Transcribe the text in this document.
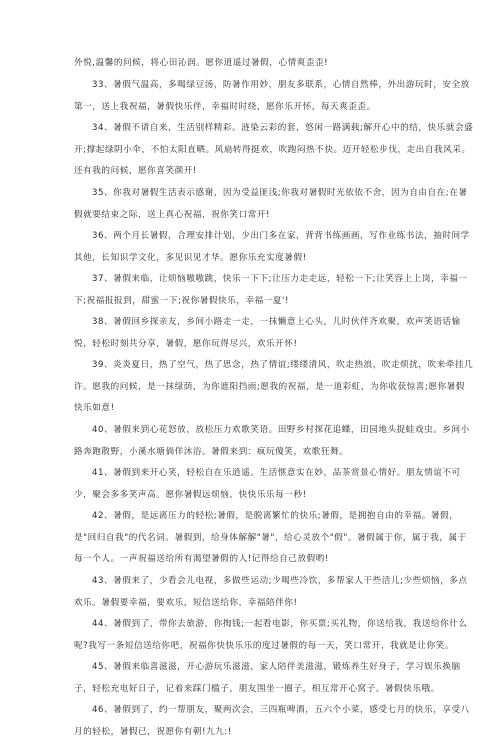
外悦,温馨的问候，将心田沁润。愿你逍遥过暑假，心情爽歪歪!

33、暑假气温高，多喝绿豆汤，防暑作用妙，朋友多联系，心情自然棒，外出游玩时，安全放第一，送上我祝福，暑假快乐伴，幸福时时绕，愿你乐开怀，每天爽歪歪。

34、暑假不请自来，生活别样精彩。涟染云彩的套，悠闲一路满载;解开心中的结，快乐就会盛开;撑起绿阴小伞，不怕太阳直晒。风扇转得挺欢，吹跑闷热不快。迈开轻松步伐，走出自我风采。还有我的问候，愿你喜笑颜开!

35、你我对暑假生活表示感谢，因为受益匪浅;你我对暑假时光依依不舍，因为自由自在;在暑假就要结束之际，送上真心祝福，祝你笑口常开!

36、两个月长暑假，合理安排计划，少出门多在家，背背书练画画，写作业练书法，抽时间学其他，长知识学文化，多见识见才华。愿你乐充实度暑假!

37、暑假来临，让烦恼嗷嗷跳，快乐一下下;让压力走走远，轻松一下;让笑容上上岗，幸福一下;祝福报报到，甜蜜一下;祝你暑假快乐，幸福一夏'!

38、暑假回乡探亲友，乡间小路走一走，一抹懒意上心头，儿时伙伴齐欢聚，欢声笑语话愉悦，轻松时刻共分享，暑假，愿你玩得尽兴，欢乐开怀!

39、炎炎夏日，热了空气，热了思念，热了情谊;缕缕清风，吹走热浪，吹走烦扰，吹来牵挂几许。愿我的问候，是一抹绿荫，为你遮阳挡雨;愿我的祝福，是一道彩虹，为你收获惊喜;愿你暑假快乐如意!

40、暑假来到心花怒放，放松压力欢歌笑语。田野乡村探花追蝶，田园地头捉蛙戏虫。乡间小路奔跑散野，小溪水塘倘佯沐浴。暑假来到：疯玩傻笑，欢歌狂舞。

41、暑假到来开心笑，轻松自在乐逍遥。生活惬意实在妙，品茶赏景心情好。朋友情谊不可少，聚会多多笑声高。愿你暑假远烦恼，快快乐乐每一秒!

42、暑假，是远离压力的轻松;暑假，是脱离繁忙的快乐;暑假，是拥抱自由的幸福。暑假，是"回归自我"的代名词。暑假到，给身体解解"暑"，给心灵放个"假"。暑假属于你，属于我，属于每一个人。一声祝福送给所有渴望暑假的人!记得给自己放假哟!

43、暑假来了，少看会儿电视，多做些运动;少喝些冷饮，多帮家人干些活儿;少些烦恼，多点欢乐。暑假要幸福，要欢乐，短信送给你，幸福陪伴你!

44、暑假到了，带你去旅游，你掏钱;一起看电影，你买票;买礼物，你送给我，我送给你什么呢?我写一条短信送给你吧，祝福你快快乐乐的度过暑假的每一天，笑口常开，我就是让你笑。

45、暑假来临喜滋滋，开心游玩乐滋滋，家人陪伴美滋滋，锻炼养生好身子，学习娱乐换脑子，轻松充电好日子，记着来踩门槛子，朋友围坐一圈子，相互常开心窝子。暑假快乐哦。

46、暑假到了，约一帮朋友，聚两次会，三四瓶啤酒，五六个小菜，感受七月的快乐，享受八月的轻松，暑假已，祝愿你有朝!九九:!
